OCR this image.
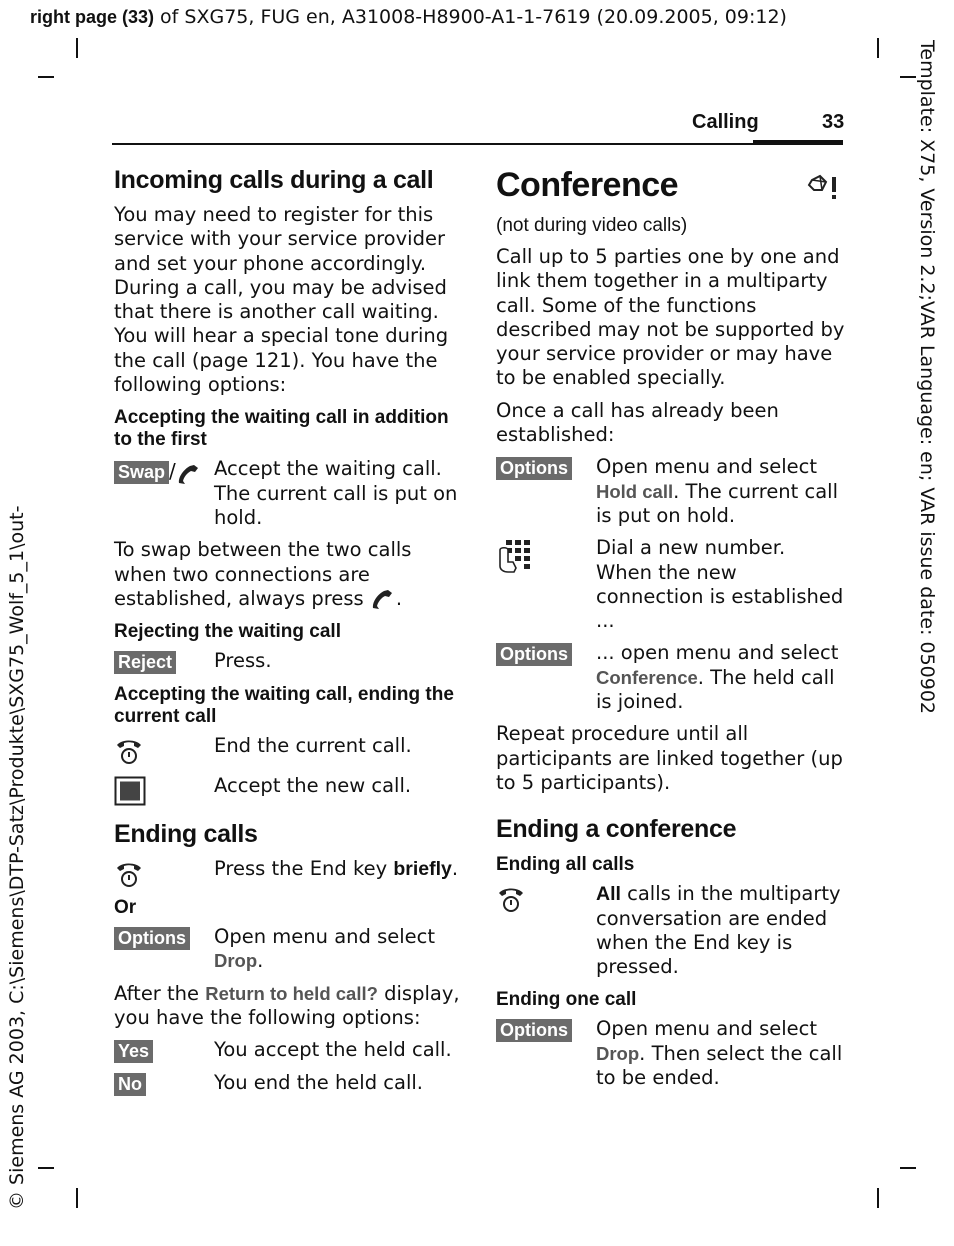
right page (33) of SXG75, FUG en, A31008-H8900-A1-1-7619 (20.09.2005, 09:12)
Template: X75, Version 2.2;VAR Language: en; VAR issue date: 050902
© Siemens AG 2003, C:\Siemens\DTP-Satz\Produkte\SXG75_Wolf_5_1\out-
Calling	33
Incoming calls during a call

You may need to register for this service with your service provider and set your phone accordingly. During a call, you may be advised that there is another call waiting. You will hear a special tone during the call (page 121). You have the following options:

Accepting the waiting call in addition to the first
Swap /	Accept the waiting call. The current call is put on hold.

To swap between the two calls when two connections are established, always press .

Rejecting the waiting call
Reject	Press.
Accepting the waiting call, ending the current call
End the current call.
Accept the new call.
Ending calls
Press the End key briefly.
Or
Options	Open menu and select Drop.

After the Return to held call? display, you have the following options:

Yes	You accept the held call.
No	You end the held call.
Conference

(not during video calls)

Call up to 5 parties one by one and link them together in a multiparty call. Some of the functions described may not be supported by your service provider or may have to be enabled specially.

Once a call has already been established:

Options	Open menu and select Hold call. The current call is put on hold.
Dial a new number. When the new connection is established ...
Options	... open menu and select Conference. The held call is joined.

Repeat procedure until all participants are linked together (up to 5 participants).

Ending a conference
Ending all calls
All calls in the multiparty conversation are ended when the End key is pressed.
Ending one call
Options	Open menu and select Drop. Then select the call to be ended.
